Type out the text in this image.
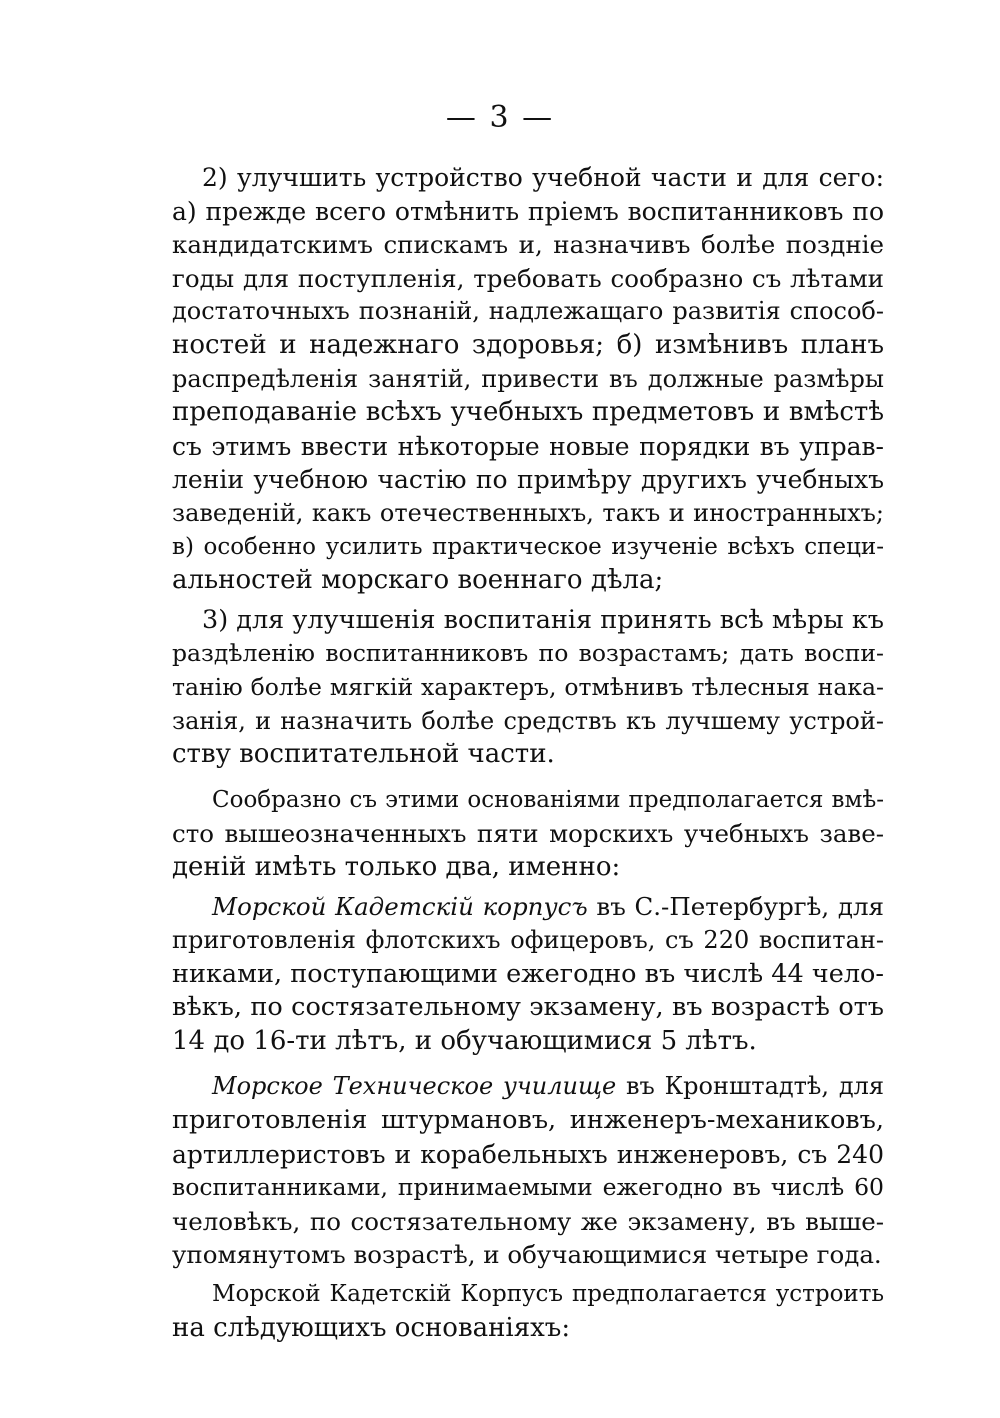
— 3 —
2) улучшить устройство учебной части и для сего:
а) прежде всего отмѣнить пріемъ воспитанниковъ по
кандидатскимъ спискамъ и, назначивъ болѣе поздніе
годы для поступленія, требовать сообразно съ лѣтами
достаточныхъ познаній, надлежащаго развитія способ-
ностей и надежнаго здоровья; б) измѣнивъ планъ
распредѣленія занятій, привести въ должные размѣры
преподаваніе всѣхъ учебныхъ предметовъ и вмѣстѣ
съ этимъ ввести нѣкоторые новые порядки въ управ-
леніи учебною частію по примѣру другихъ учебныхъ
заведеній, какъ отечественныхъ, такъ и иностранныхъ;
в) особенно усилить практическое изученіе всѣхъ специ-
альностей морскаго военнаго дѣла;
3) для улучшенія воспитанія принять всѣ мѣры къ
раздѣленію воспитанниковъ по возрастамъ; дать воспи-
танію болѣе мягкій характеръ, отмѣнивъ тѣлесныя нака-
занія, и назначить болѣе средствъ къ лучшему устрой-
ству воспитательной части.
Сообразно съ этими основаніями предполагается вмѣ-
сто вышеозначенныхъ пяти морскихъ учебныхъ заве-
деній имѣть только два, именно:
Морской Кадетскій корпусъ въ С.-Петербургѣ, для
приготовленія флотскихъ офицеровъ, съ 220 воспитан-
никами, поступающими ежегодно въ числѣ 44 чело-
вѣкъ, по состязательному экзамену, въ возрастѣ отъ
14 до 16-ти лѣтъ, и обучающимися 5 лѣтъ.
Морское Техническое училище въ Кронштадтѣ, для
приготовленія штурмановъ, инженеръ-механиковъ,
артиллеристовъ и корабельныхъ инженеровъ, съ 240
воспитанниками, принимаемыми ежегодно въ числѣ 60
человѣкъ, по состязательному же экзамену, въ выше-
упомянутомъ возрастѣ, и обучающимися четыре года.
Морской Кадетскій Корпусъ предполагается устроить
на слѣдующихъ основаніяхъ:
